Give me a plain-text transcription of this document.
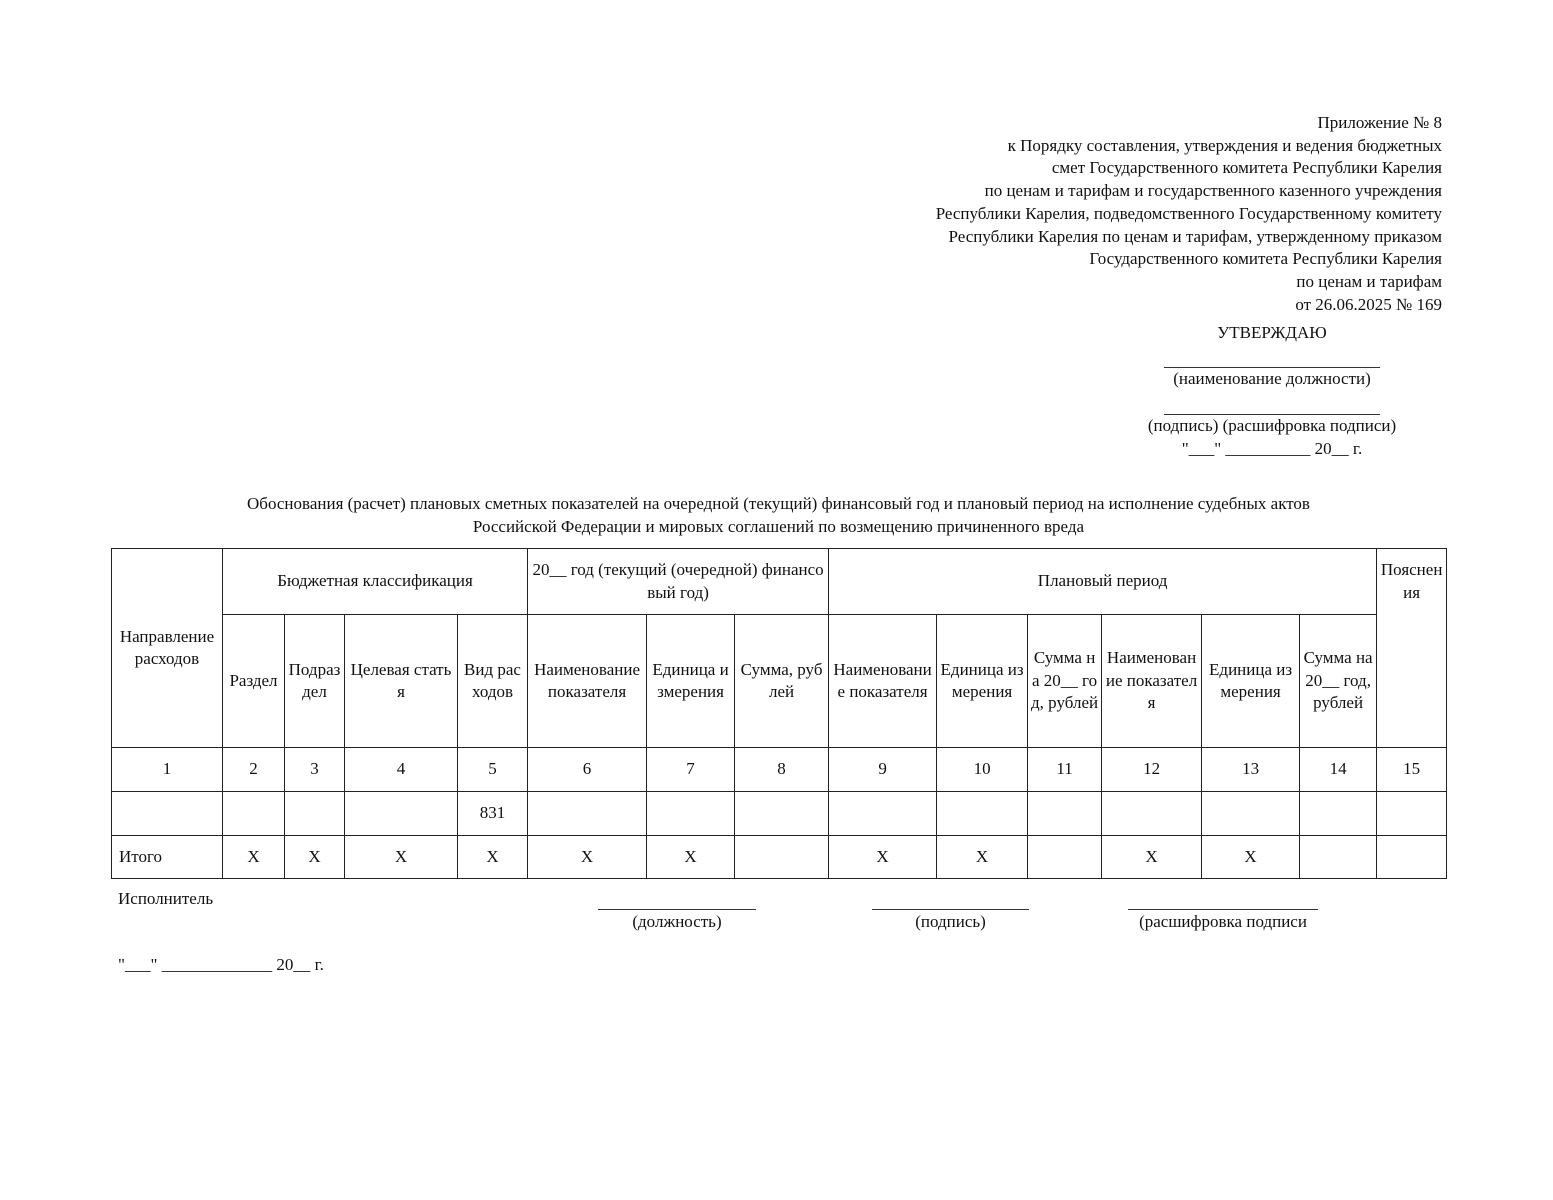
Приложение № 8
к Порядку составления, утверждения и ведения бюджетных
смет Государственного комитета Республики Карелия
по ценам и тарифам и государственного казенного учреждения
Республики Карелия, подведомственного Государственному комитету
Республики Карелия по ценам и тарифам, утвержденному приказом
Государственного комитета Республики Карелия
по ценам и тарифам
от 26.06.2025 № 169
УТВЕРЖДАЮ
(наименование должности)
(подпись) (расшифровка подписи)
"___" __________ 20__ г.
Обоснования (расчет) плановых сметных показателей на очередной (текущий) финансовый год и плановый период на исполнение судебных актов
Российской Федерации и мировых соглашений по возмещению причиненного вреда
Направление расходов	Бюджетная классификация				20__ год (текущий (очередной) финансовый год)			Плановый период						Пояснения
	Раздел	Подраздел	Целевая статья	Вид расходов	Наименование показателя	Единица измерения	Сумма, рублей	Наименование показателя	Единица измерения	Сумма на 20__ год, рублей	Наименование показателя	Единица измерения	Сумма на 20__ год, рублей	
1	2	3	4	5	6	7	8	9	10	11	12	13	14	15
				831										
Итого	Х	Х	Х	Х	Х	Х		Х	Х		Х	Х		
Исполнитель
(должность)	(подпись)	(расшифровка подписи
"___" _____________ 20__ г.
